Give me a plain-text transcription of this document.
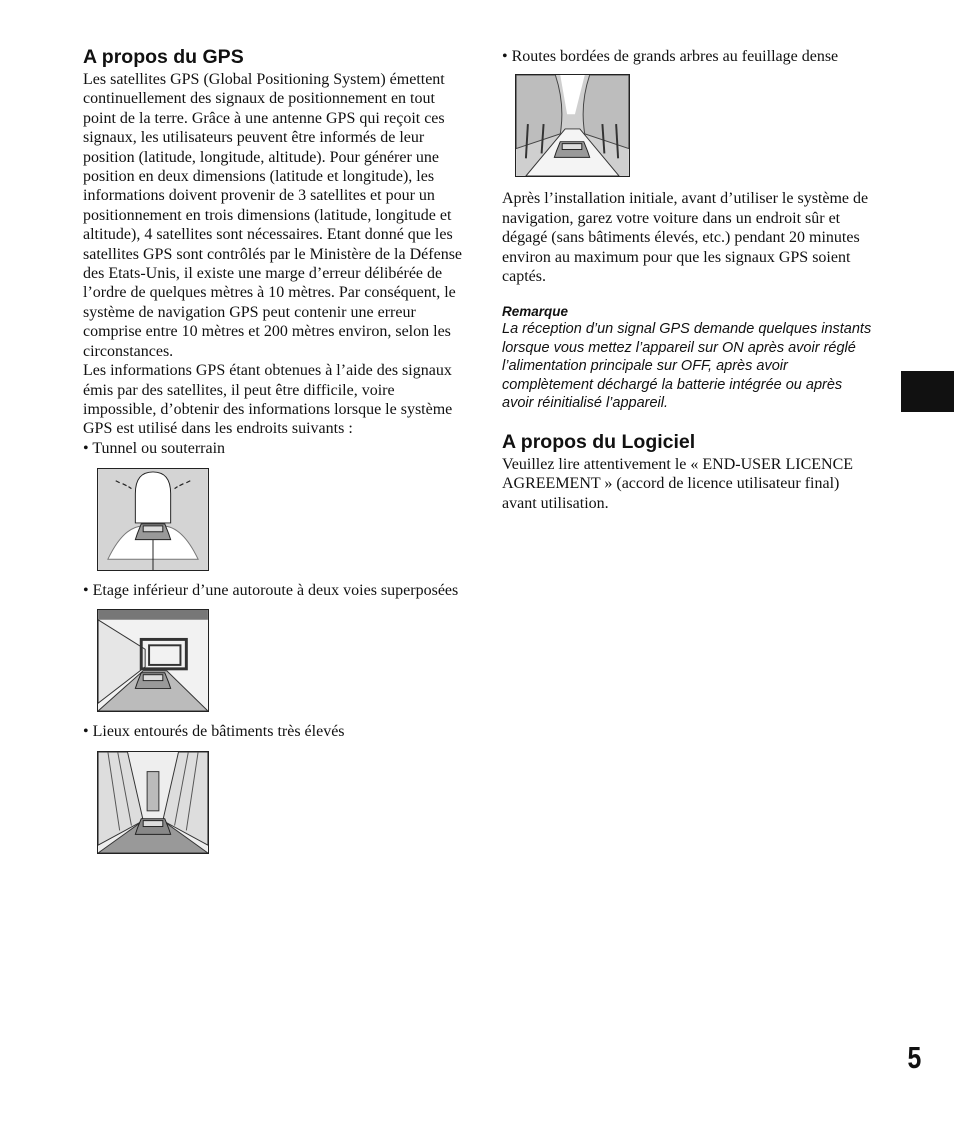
A propos du GPS

Les satellites GPS (Global Positioning System) émettent continuellement des signaux de positionnement en tout point de la terre. Grâce à une antenne GPS qui reçoit ces signaux, les utilisateurs peuvent être informés de leur position (latitude, longitude, altitude). Pour générer une position en deux dimensions (latitude et longitude), les informations doivent provenir de 3 satellites et pour un positionnement en trois dimensions (latitude, longitude et altitude), 4 satellites sont nécessaires. Etant donné que les satellites GPS sont contrôlés par le Ministère de la Défense des Etats-Unis, il existe une marge d’erreur délibérée de l’ordre de quelques mètres à 10 mètres. Par conséquent, le système de navigation GPS peut contenir une erreur comprise entre 10 mètres et 200 mètres environ, selon les circonstances.

Les informations GPS étant obtenues à l’aide des signaux émis par des satellites, il peut être difficile, voire impossible, d’obtenir des informations lorsque le système GPS est utilisé dans les endroits suivants :

• Tunnel ou souterrain

• Etage inférieur d’une autoroute à deux voies superposées

• Lieux entourés de bâtiments très élevés

• Routes bordées de grands arbres au feuillage dense

Après l’installation initiale, avant d’utiliser le système de navigation, garez votre voiture dans un endroit sûr et dégagé (sans bâtiments élevés, etc.) pendant 20 minutes environ au maximum pour que les signaux GPS soient captés.

Remarque

La réception d’un signal GPS demande quelques instants lorsque vous mettez l’appareil sur ON après avoir réglé l’alimentation principale sur OFF, après avoir complètement déchargé la batterie intégrée ou après avoir réinitialisé l’appareil.

A propos du Logiciel

Veuillez lire attentivement le « END-USER LICENCE AGREEMENT » (accord de licence utilisateur final) avant utilisation.

5
